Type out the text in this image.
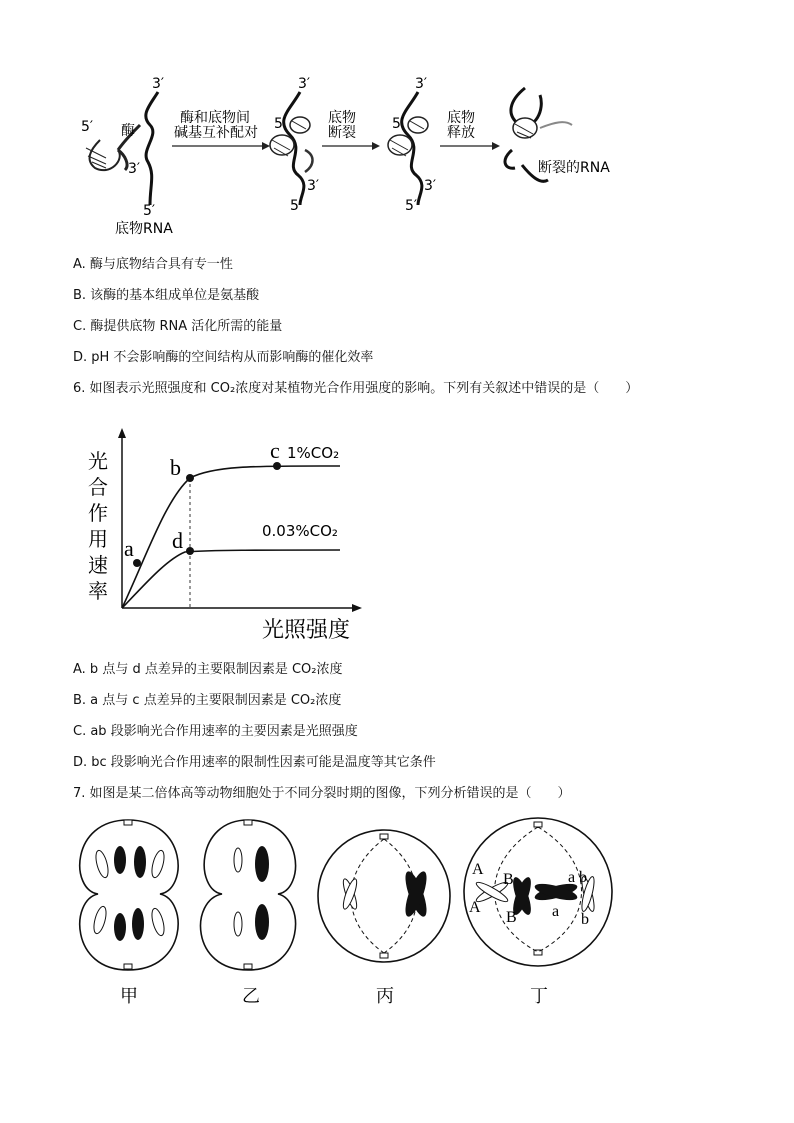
3′
5′ 酶
3′
5′
底物RNA
酶和底物间
碱基互补配对
3′
5′
3′
5′
底物
断裂
3′
5′
3′
5′
底物
释放
断裂的RNA
A. 酶与底物结合具有专一性
B. 该酶的基本组成单位是氨基酸
C. 酶提供底物 RNA 活化所需的能量
D. pH 不会影响酶的空间结构从而影响酶的催化效率
6. 如图表示光照强度和 CO₂浓度对某植物光合作用强度的影响。下列有关叙述中错误的是（　　）
光合作用速率
光照强度
a
b
c
d
1%CO₂
0.03%CO₂
A. b 点与 d 点差异的主要限制因素是 CO₂浓度
B. a 点与 c 点差异的主要限制因素是 CO₂浓度
C. ab 段影响光合作用速率的主要因素是光照强度
D. bc 段影响光合作用速率的限制性因素可能是温度等其它条件
7. 如图是某二倍体高等动物细胞处于不同分裂时期的图像，下列分析错误的是（　　）
甲	乙	丙
A
A
B
B
a
a
b
b
丁
